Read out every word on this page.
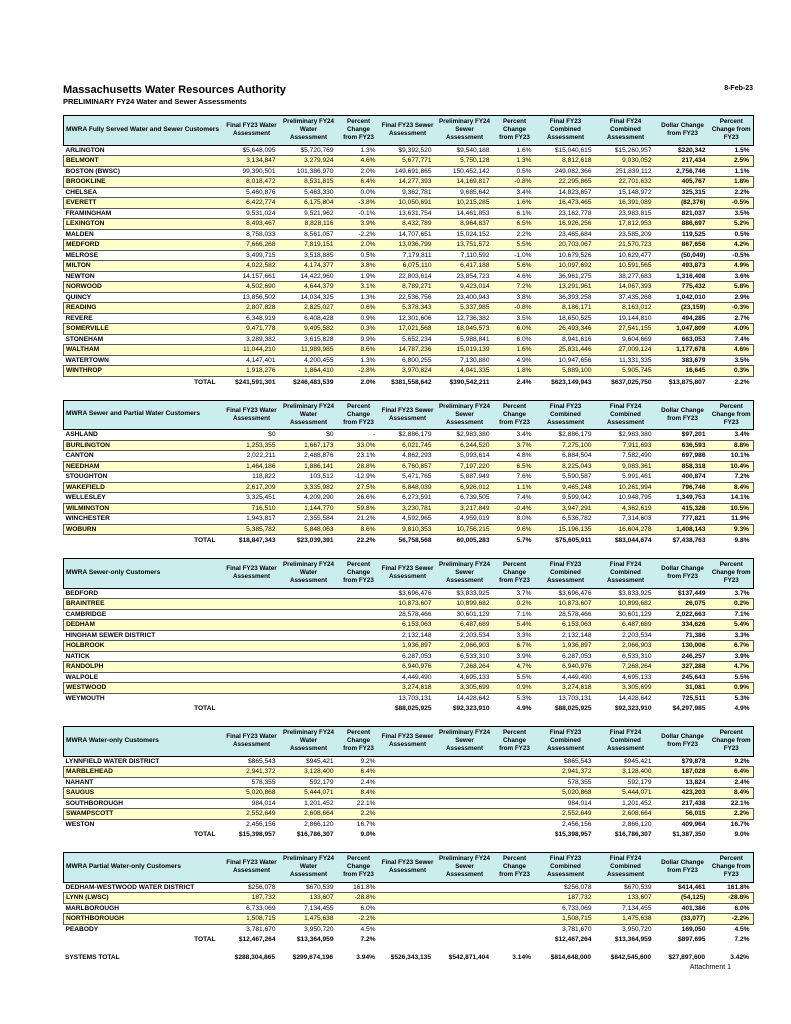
Massachusetts Water Resources Authority
PRELIMINARY FY24 Water and Sewer Assessments
8-Feb-23
MWRA Fully Served Water and Sewer Customers	Final FY23 Water Assessment	Preliminary FY24 Water Assessment	Percent Change from FY23	Final FY23 Sewer Assessment	Preliminary FY24 Sewer Assessment	Percent Change from FY23	Final FY23 Combined Assessment	Final FY24 Combined Assessment	Dollar Change from FY23	Percent Change from FY23
ARLINGTON	$5,648,095	$5,720,769	1.3%	$9,392,520	$9,540,188	1.6%	$15,040,615	$15,260,957	$220,342	1.5%
BELMONT	3,134,847	3,279,924	4.6%	5,677,771	5,750,128	1.3%	8,812,618	9,030,052	217,434	2.5%
BOSTON (BWSC)	99,390,501	101,386,970	2.0%	149,691,865	150,452,142	0.5%	249,082,366	251,839,112	2,756,746	1.1%
BROOKLINE	8,018,472	8,531,815	6.4%	14,277,393	14,169,817	-0.8%	22,295,865	22,701,632	405,767	1.8%
CHELSEA	5,460,876	5,463,330	0.0%	9,362,781	9,685,642	3.4%	14,823,657	15,148,972	325,315	2.2%
EVERETT	6,422,774	6,175,804	-3.8%	10,050,691	10,215,285	1.6%	16,473,465	16,391,089	(82,376)	-0.5%
FRAMINGHAM	9,531,024	9,521,962	-0.1%	13,631,754	14,461,853	6.1%	23,162,778	23,983,815	821,037	3.5%
LEXINGTON	8,493,467	8,828,116	3.9%	8,432,789	8,964,837	6.5%	16,926,256	17,812,953	886,697	5.2%
MALDEN	8,758,033	8,561,057	-2.2%	14,707,651	15,024,152	2.2%	23,465,684	23,585,209	119,525	0.5%
MEDFORD	7,666,268	7,819,151	2.0%	13,036,799	13,751,572	5.5%	20,703,067	21,570,723	867,656	4.2%
MELROSE	3,499,715	3,518,885	0.5%	7,179,811	7,110,592	-1.0%	10,679,526	10,629,477	(50,049)	-0.5%
MILTON	4,022,582	4,174,377	3.8%	6,075,110	6,417,188	5.6%	10,097,692	10,591,565	493,873	4.9%
NEWTON	14,157,661	14,422,960	1.9%	22,803,614	23,854,723	4.6%	36,961,275	38,277,683	1,316,408	3.6%
NORWOOD	4,502,690	4,644,379	3.1%	8,789,271	9,423,014	7.2%	13,291,961	14,067,393	775,432	5.8%
QUINCY	13,856,502	14,034,325	1.3%	22,536,756	23,400,943	3.8%	36,393,258	37,435,268	1,042,010	2.9%
READING	2,807,828	2,825,027	0.6%	5,378,343	5,337,985	-0.8%	8,186,171	8,163,012	(23,159)	-0.3%
REVERE	6,348,919	6,408,428	0.9%	12,301,606	12,736,382	3.5%	18,650,525	19,144,810	494,285	2.7%
SOMERVILLE	9,471,778	9,495,582	0.3%	17,021,568	18,045,573	6.0%	26,493,346	27,541,155	1,047,809	4.0%
STONEHAM	3,289,382	3,615,828	9.9%	5,652,234	5,988,841	6.0%	8,941,616	9,604,669	663,053	7.4%
WALTHAM	11,044,210	11,989,985	8.6%	14,787,236	15,019,139	1.6%	25,831,446	27,009,124	1,177,678	4.6%
WATERTOWN	4,147,401	4,200,455	1.3%	6,800,255	7,130,880	4.9%	10,947,656	11,331,335	383,679	3.5%
WINTHROP	1,918,276	1,864,410	-2.8%	3,970,824	4,041,335	1.8%	5,889,100	5,905,745	16,645	0.3%
TOTAL	$241,591,301	$246,483,539	2.0%	$381,558,642	$390,542,211	2.4%	$623,149,943	$637,025,750	$13,875,807	2.2%
MWRA Sewer and Partial Water Customers	Final FY23 Water Assessment	Preliminary FY24 Water Assessment	Percent Change from FY23	Final FY23 Sewer Assessment	Preliminary FY24 Sewer Assessment	Percent Change from FY23	Final FY23 Combined Assessment	Final FY24 Combined Assessment	Dollar Change from FY23	Percent Change from FY23
ASHLAND	$0	$0	-	$2,886,179	$2,983,380	3.4%	$2,886,179	$2,983,380	$97,201	3.4%
BURLINGTON	1,253,355	1,667,173	33.0%	6,021,745	6,244,520	3.7%	7,275,100	7,911,693	636,593	8.8%
CANTON	2,022,211	2,488,876	23.1%	4,862,293	5,093,614	4.8%	6,884,504	7,582,490	697,986	10.1%
NEEDHAM	1,464,186	1,886,141	28.8%	6,760,857	7,197,220	6.5%	8,225,043	9,083,361	858,318	10.4%
STOUGHTON	118,822	103,512	-12.9%	5,471,765	5,887,949	7.6%	5,590,587	5,991,461	400,874	7.2%
WAKEFIELD	2,617,209	3,335,982	27.5%	6,848,039	6,926,012	1.1%	9,465,248	10,261,994	796,746	8.4%
WELLESLEY	3,325,451	4,209,290	26.6%	6,273,591	6,739,505	7.4%	9,599,042	10,948,795	1,349,753	14.1%
WILMINGTON	716,510	1,144,770	59.8%	3,230,781	3,217,849	-0.4%	3,947,291	4,362,619	415,328	10.5%
WINCHESTER	1,943,817	2,355,584	21.2%	4,592,965	4,959,019	8.0%	6,536,782	7,314,603	777,821	11.9%
WOBURN	5,385,782	5,848,063	8.6%	9,810,353	10,756,215	9.6%	15,196,135	16,604,278	1,408,143	9.3%
TOTAL	$18,847,343	$23,039,391	22.2%	56,758,568	60,005,283	5.7%	$75,605,911	$83,044,674	$7,438,763	9.8%
MWRA Sewer-only Customers	Final FY23 Water Assessment	Preliminary FY24 Water Assessment	Percent Change from FY23	Final FY23 Sewer Assessment	Preliminary FY24 Sewer Assessment	Percent Change from FY23	Final FY23 Combined Assessment	Final FY24 Combined Assessment	Dollar Change from FY23	Percent Change from FY23
BEDFORD				$3,696,476	$3,833,925	3.7%	$3,696,476	$3,833,925	$137,449	3.7%
BRAINTREE				10,873,607	10,899,682	0.2%	10,873,607	10,899,682	26,075	0.2%
CAMBRIDGE				28,578,466	30,601,129	7.1%	28,578,466	30,601,129	2,022,663	7.1%
DEDHAM				6,153,063	6,487,689	5.4%	6,153,063	6,487,689	334,626	5.4%
HINGHAM SEWER DISTRICT				2,132,148	2,203,534	3.3%	2,132,148	2,203,534	71,386	3.3%
HOLBROOK				1,936,897	2,066,903	6.7%	1,936,897	2,066,903	130,006	6.7%
NATICK				6,287,053	6,533,310	3.9%	6,287,053	6,533,310	246,257	3.9%
RANDOLPH				6,940,976	7,268,264	4.7%	6,940,976	7,268,264	327,288	4.7%
WALPOLE				4,449,490	4,695,133	5.5%	4,449,490	4,695,133	245,643	5.5%
WESTWOOD				3,274,618	3,305,699	0.9%	3,274,618	3,305,699	31,081	0.9%
WEYMOUTH				13,703,131	14,428,642	5.3%	13,703,131	14,428,642	725,511	5.3%
TOTAL				$88,025,925	$92,323,910	4.9%	$88,025,925	$92,323,910	$4,297,985	4.9%
MWRA Water-only Customers	Final FY23 Water Assessment	Preliminary FY24 Water Assessment	Percent Change from FY23	Final FY23 Sewer Assessment	Preliminary FY24 Sewer Assessment	Percent Change from FY23	Final FY23 Combined Assessment	Final FY24 Combined Assessment	Dollar Change from FY23	Percent Change from FY23
LYNNFIELD WATER DISTRICT	$865,543	$945,421	9.2%				$865,543	$945,421	$79,878	9.2%
MARBLEHEAD	2,941,372	3,128,400	6.4%				2,941,372	3,128,400	187,028	6.4%
NAHANT	578,355	592,179	2.4%				578,355	592,179	13,824	2.4%
SAUGUS	5,020,868	5,444,071	8.4%				5,020,868	5,444,071	423,203	8.4%
SOUTHBOROUGH	984,014	1,201,452	22.1%				984,014	1,201,452	217,438	22.1%
SWAMPSCOTT	2,552,649	2,608,664	2.2%				2,552,649	2,608,664	56,015	2.2%
WESTON	2,456,156	2,866,120	16.7%				2,456,156	2,866,120	409,964	16.7%
TOTAL	$15,398,957	$16,786,307	9.0%				$15,398,957	$16,786,307	$1,387,350	9.0%
MWRA Partial Water-only Customers	Final FY23 Water Assessment	Preliminary FY24 Water Assessment	Percent Change from FY23	Final FY23 Sewer Assessment	Preliminary FY24 Sewer Assessment	Percent Change from FY23	Final FY23 Combined Assessment	Final FY24 Combined Assessment	Dollar Change from FY23	Percent Change from FY23
DEDHAM-WESTWOOD WATER DISTRICT	$256,078	$670,539	161.8%				$256,078	$670,539	$414,461	161.8%
LYNN (LWSC)	187,732	133,607	-28.8%				187,732	133,607	(54,125)	-28.8%
MARLBOROUGH	6,733,069	7,134,455	6.0%				6,733,069	7,134,455	401,386	6.0%
NORTHBOROUGH	1,508,715	1,475,638	-2.2%				1,508,715	1,475,638	(33,077)	-2.2%
PEABODY	3,781,670	3,950,720	4.5%				3,781,670	3,950,720	169,050	4.5%
TOTAL	$12,467,264	$13,364,959	7.2%				$12,467,264	$13,364,959	$897,695	7.2%
SYSTEMS TOTAL	$288,304,865	$299,674,196	3.94%	$526,343,135	$542,871,404	3.14%	$814,648,000	$842,545,600	$27,897,600	3.42%
Attachment 1
